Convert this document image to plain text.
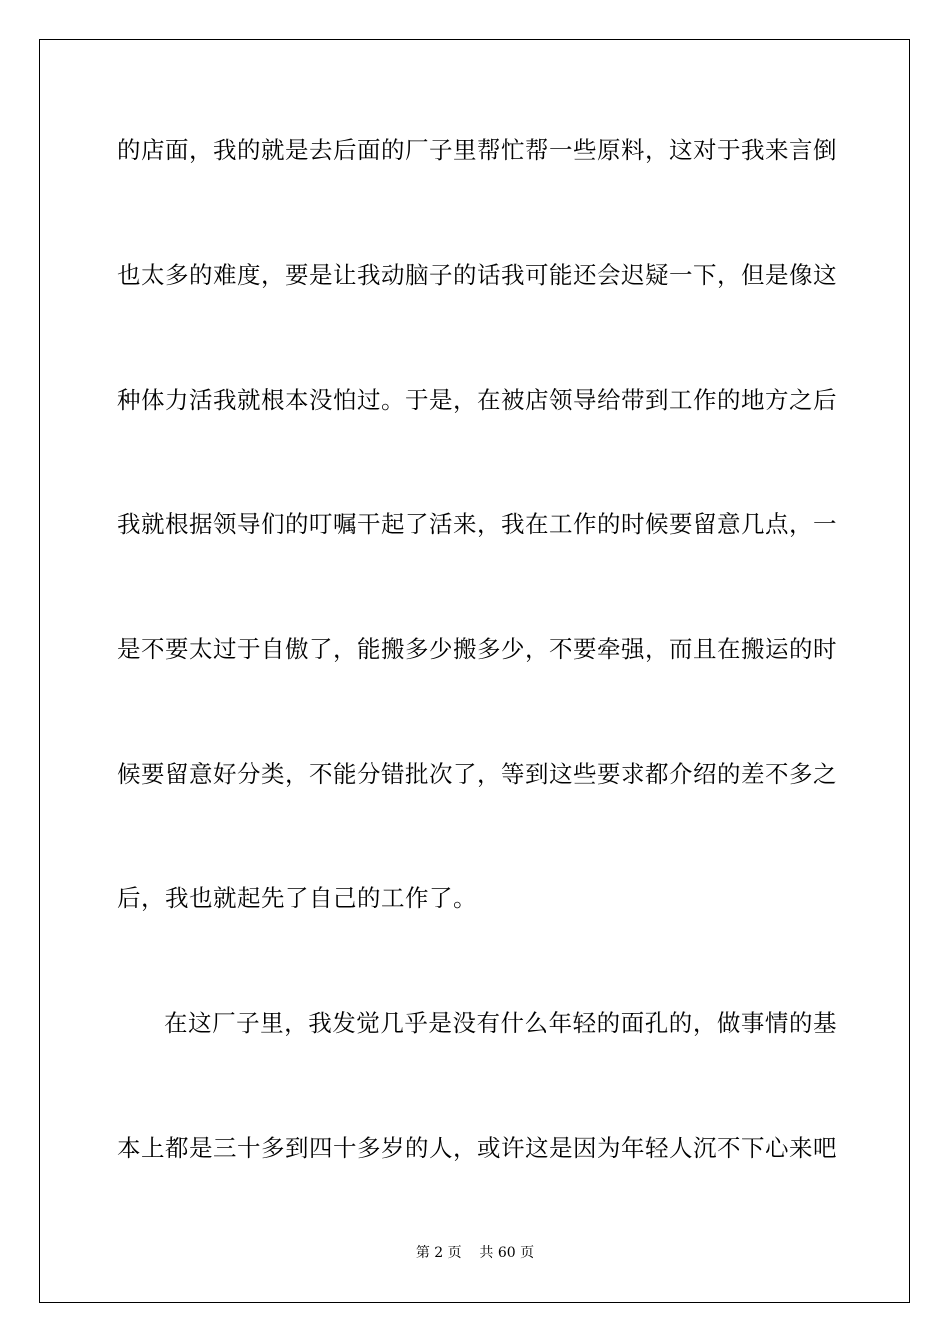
的店面，我的就是去后面的厂子里帮忙帮一些原料，这对于我来言倒
也太多的难度，要是让我动脑子的话我可能还会迟疑一下，但是像这
种体力活我就根本没怕过。于是，在被店领导给带到工作的地方之后
我就根据领导们的叮嘱干起了活来，我在工作的时候要留意几点，一
是不要太过于自傲了，能搬多少搬多少，不要牵强，而且在搬运的时
候要留意好分类，不能分错批次了，等到这些要求都介绍的差不多之
后，我也就起先了自己的工作了。
在这厂子里，我发觉几乎是没有什么年轻的面孔的，做事情的基
本上都是三十多到四十多岁的人，或许这是因为年轻人沉不下心来吧
第 2 页    共 60 页
